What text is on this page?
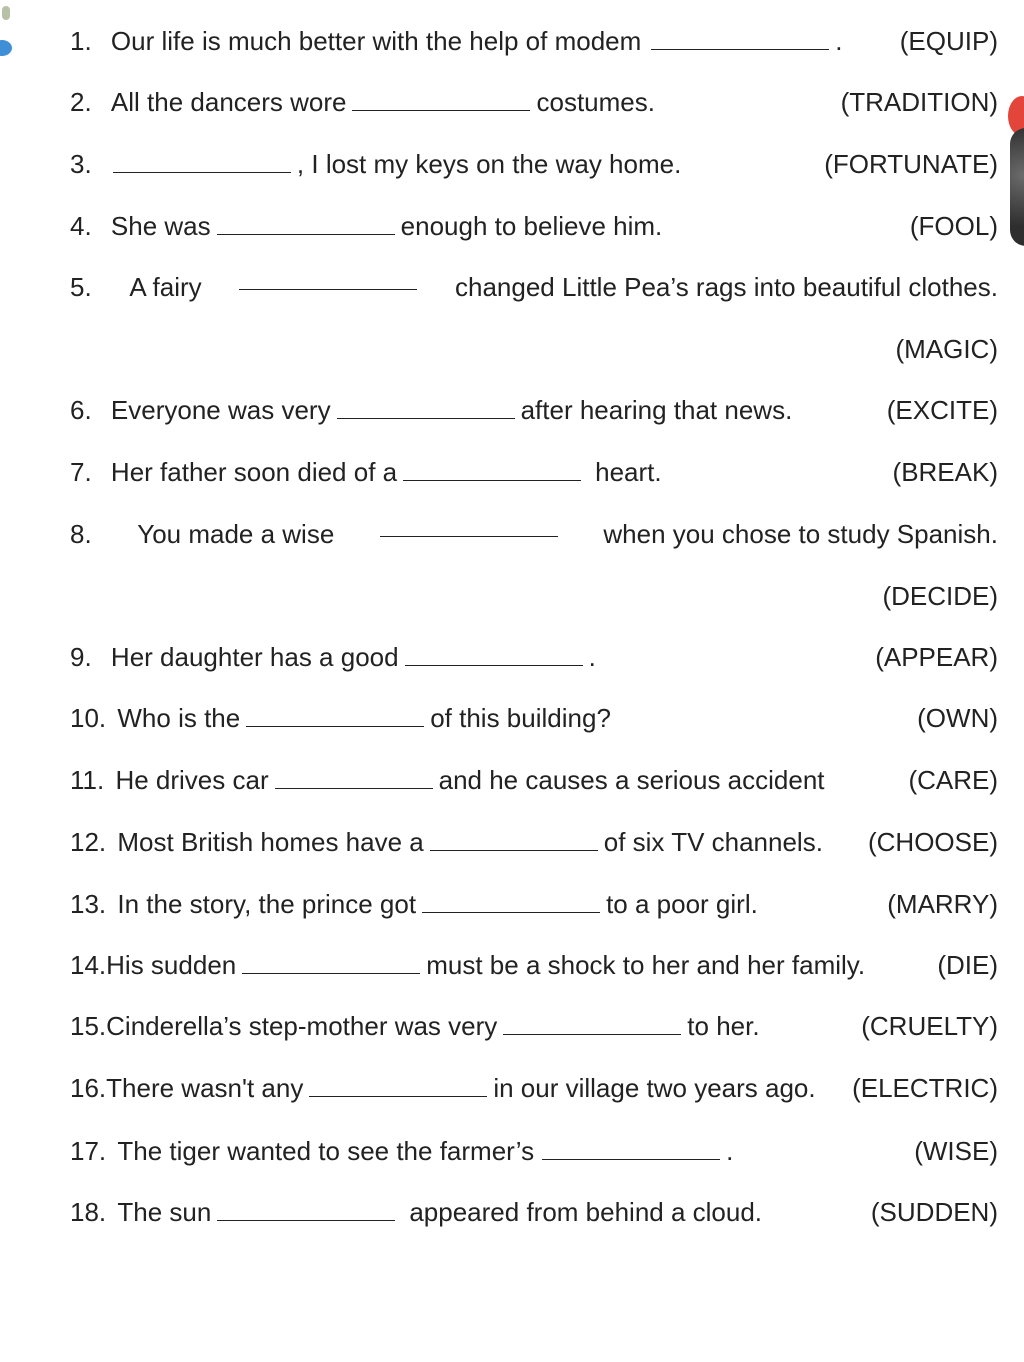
1. Our life is much better with the help of modem	. (EQUIP)
2. All the dancers wore	costumes.	(TRADITION)
3.	, I lost my keys on the way home.	(FORTUNATE)
4. She was	enough to believe him.	(FOOL)
5. A fairy	changed Little Pea’s rags into beautiful clothes.
(MAGIC)
6. Everyone was very	after hearing that news.	(EXCITE)
7. Her father soon died of a	heart.	(BREAK)
8. You made a wise	when you chose to study Spanish.
(DECIDE)
9. Her daughter has a good	.	(APPEAR)
10. Who is the	of this building?	(OWN)
11. He drives car	and he causes a serious accident	(CARE)
12. Most British homes have a	of six TV channels. (CHOOSE)
13. In the story, the prince got	to a poor girl.	(MARRY)
14.His sudden	must be a shock to her and her family.	(DIE)
15.Cinderella’s step-mother was very	to her.	(CRUELTY)
16.There wasn't any	in our village two years ago. (ELECTRIC)
17. The tiger wanted to see the farmer’s	.	(WISE)
18. The sun	appeared from behind a cloud.	(SUDDEN)
